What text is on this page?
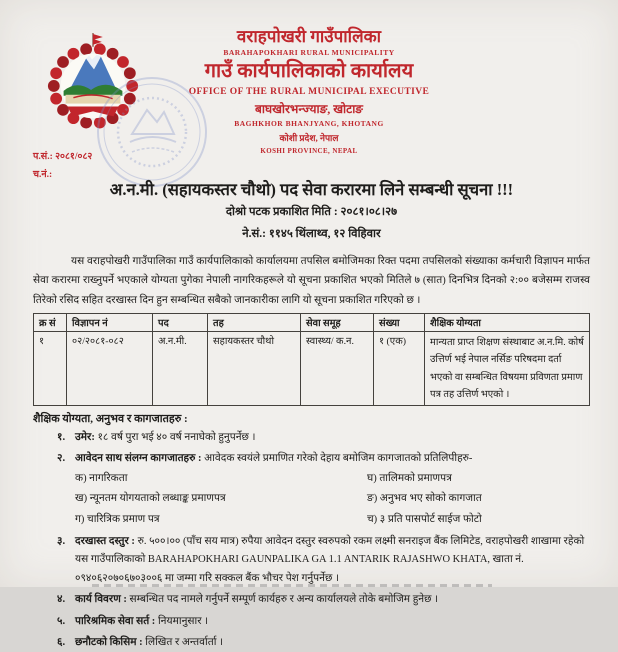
वराहपोखरी गाउँपालिका
BARAHAPOKHARI RURAL MUNICIPALITY
गाउँ कार्यपालिकाको कार्यालय
OFFICE OF THE RURAL MUNICIPAL EXECUTIVE
बाघखोरभन्ज्याङ, खोटाङ
BAGHKHOR BHANJYANG, KHOTANG
कोशी प्रदेश, नेपाल
KOSHI PROVINCE, NEPAL
प.सं.: २०८१/०८२
च.नं.:
अ.न.मी. (सहायकस्तर चौथो) पद सेवा करारमा लिने सम्बन्धी सूचना !!!
दोश्रो पटक प्रकाशित मिति : २०८१।०८।२७
ने.सं.: ११४५ थिंलाथ्व, १२ विहिवार
यस वराहपोखरी गाउँपालिका गाउँ कार्यपालिकाको कार्यालयमा तपसिल बमोजिमका रिक्त पदमा तपसिलको संख्याका कर्मचारी विज्ञापन मार्फत सेवा करारमा राख्नुपर्ने भएकाले योग्यता पुगेका नेपाली नागरिकहरूले यो सूचना प्रकाशित भएको मितिले ७ (सात) दिनभित्र दिनको २:०० बजेसम्म राजस्व तिरेको रसिद सहित दरखास्त दिन हुन सम्बन्धित सबैको जानकारीका लागि यो सूचना प्रकाशित गरिएको छ ।
क्र सं	विज्ञापन नं	पद	तह	सेवा समूह	संख्या	शैक्षिक योग्यता
१	०२/२०८१-०८२	अ.न.मी.	सहायकस्तर चौथो	स्वास्थ्य/ क.न.	१ (एक)	मान्यता प्राप्त शिक्षण संस्थाबाट अ.न.मि. कोर्ष उत्तिर्ण भई नेपाल नर्सिङ परिषदमा दर्ता भएको वा सम्बन्धित विषयमा प्रविणता प्रमाण पत्र तह उत्तिर्ण भएको ।
शैक्षिक योग्यता, अनुभव र कागजातहरु :
१. उमेर: १८ वर्ष पुरा भई ४० वर्ष ननाघेको हुनुपर्नेछ ।
२. आवेदन साथ संलग्न कागजातहरु : आवेदक स्वयंले प्रमाणित गरेको देहाय बमोजिम कागजातको प्रतिलिपीहरु-
क) नागरिकता	घ) तालिमको प्रमाणपत्र
ख) न्यूनतम योगयताको लब्धाङ्क प्रमाणपत्र	ङ) अनुभव भए सोको कागजात
ग) चारित्रिक प्रमाण पत्र	च) ३ प्रति पासपोर्ट साईज फोटो
३. दरखास्त दस्तुर : रु. ५००।०० (पाँच सय मात्र) रुपैया आवेदन दस्तुर स्वरुपको रकम लक्ष्मी सनराइज बैंक लिमिटेड, वराहपोखरी शाखामा रहेको यस गाउँपालिकाको BARAHAPOKHARI GAUNPALIKA GA 1.1 ANTARIK RAJASHWO KHATA, खाता नं. ०९४०६२०७०६७०३००६ मा जम्मा गरि सक्कल बैंक भौचर पेश गर्नुपर्नेछ ।
४. कार्य विवरण : सम्बन्धित पद नामले गर्नुपर्ने सम्पूर्ण कार्यहरु र अन्य कार्यालयले तोके बमोजिम हुनेछ ।
५. पारिश्रमिक सेवा सर्त : नियमानुसार ।
६. छनौटको किसिम : लिखित र अन्तर्वार्ता ।
